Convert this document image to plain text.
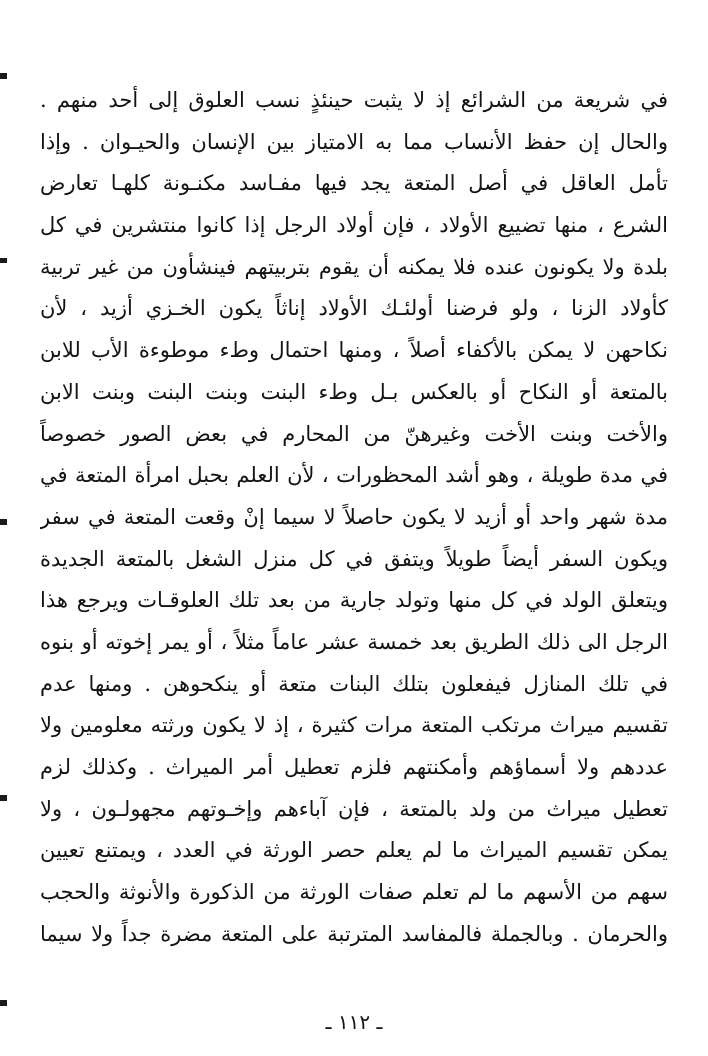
في شريعة من الشرائع إذ لا يثبت حينئذٍ نسب العلوق إلى أحد منهم .
والحال إن حفظ الأنساب مما به الامتياز بين الإنسان والحيـوان . وإذا
تأمل العاقل في أصل المتعة يجد فيها مفـاسد مكنـونة كلهـا تعارض
الشرع ، منها تضييع الأولاد ، فإن أولاد الرجل إذا كانوا منتشرين في كل
بلدة ولا يكونون عنده فلا يمكنه أن يقوم بتربيتهم فينشأون من غير تربية
كأولاد الزنا ، ولو فرضنا أولئـك الأولاد إناثاً يكون الخـزي أزيد ، لأن
نكاحهن لا يمكن بالأكفاء أصلاً ، ومنها احتمال وطء موطوءة الأب للابن
بالمتعة أو النكاح أو بالعكس بـل وطء البنت وبنت البنت وبنت الابن
والأخت وبنت الأخت وغيرهنّ من المحارم في بعض الصور خصوصاً
في مدة طويلة ، وهو أشد المحظورات ، لأن العلم بحبل امرأة المتعة في
مدة شهر واحد أو أزيد لا يكون حاصلاً لا سيما إنْ وقعت المتعة في سفر
ويكون السفر أيضاً طويلاً ويتفق في كل منزل الشغل بالمتعة الجديدة
ويتعلق الولد في كل منها وتولد جارية من بعد تلك العلوقـات ويرجع هذا
الرجل الى ذلك الطريق بعد خمسة عشر عاماً مثلاً ، أو يمر إخوته أو بنوه
في تلك المنازل فيفعلون بتلك البنات متعة أو ينكحوهن . ومنها عدم
تقسيم ميراث مرتكب المتعة مرات كثيرة ، إذ لا يكون ورثته معلومين ولا
عددهم ولا أسماؤهم وأمكنتهم فلزم تعطيل أمر الميراث . وكذلك لزم
تعطيل ميراث من ولد بالمتعة ، فإن آباءهم وإخـوتهم مجهولـون ، ولا
يمكن تقسيم الميراث ما لم يعلم حصر الورثة في العدد ، ويمتنع تعيين
سهم من الأسهم ما لم تعلم صفات الورثة من الذكورة والأنوثة والحجب
والحرمان . وبالجملة فالمفاسد المترتبة على المتعة مضرة جداً ولا سيما
ـ ١١٢ ـ
